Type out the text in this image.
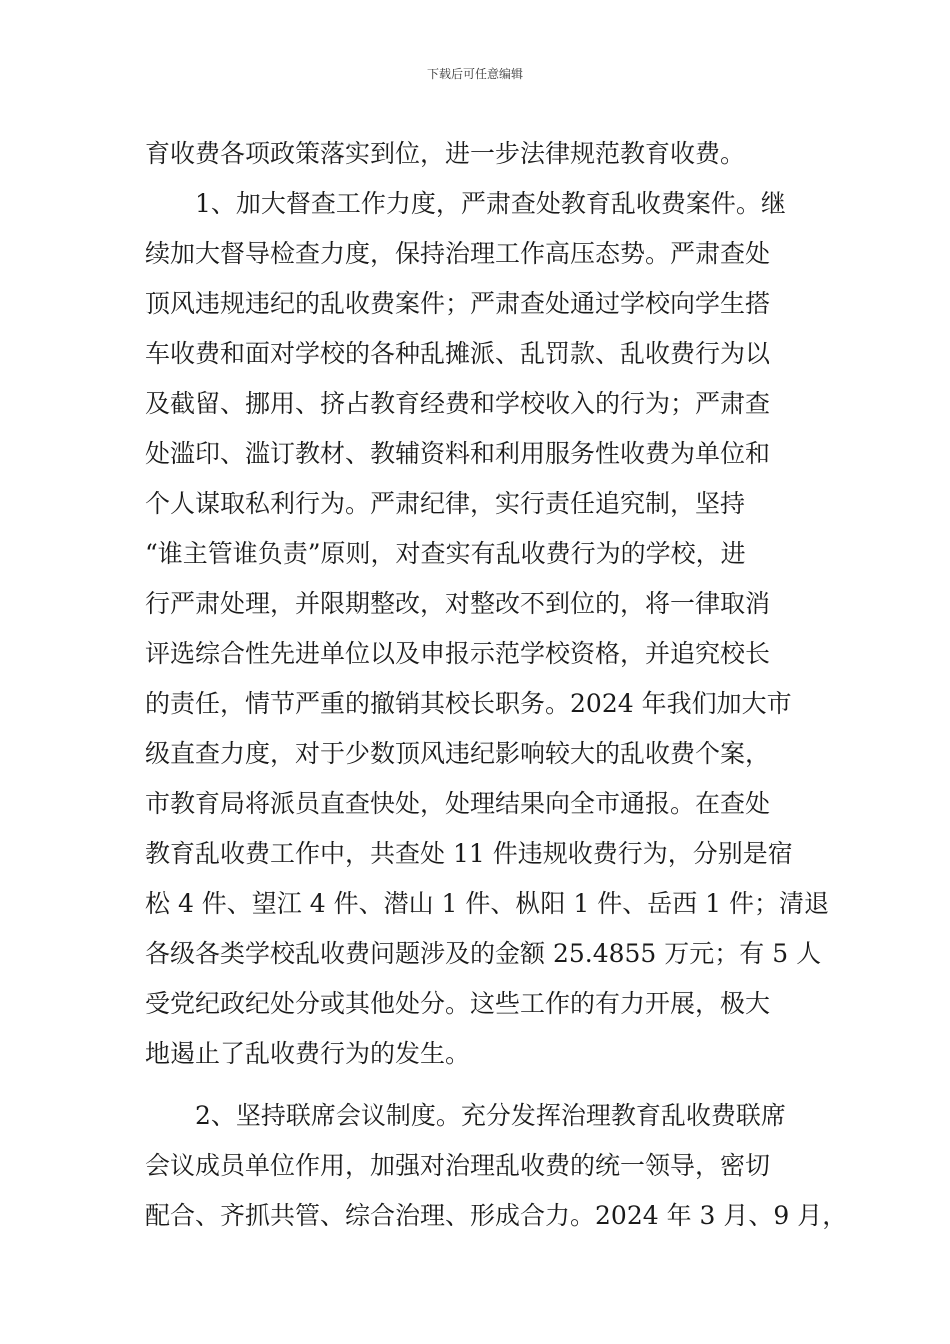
下载后可任意编辑
育收费各项政策落实到位，进一步法律规范教育收费。
1、加大督查工作力度，严肃查处教育乱收费案件。继
续加大督导检查力度，保持治理工作高压态势。严肃查处
顶风违规违纪的乱收费案件；严肃查处通过学校向学生搭
车收费和面对学校的各种乱摊派、乱罚款、乱收费行为以
及截留、挪用、挤占教育经费和学校收入的行为；严肃查
处滥印、滥订教材、教辅资料和利用服务性收费为单位和
个人谋取私利行为。严肃纪律，实行责任追究制，坚持
“谁主管谁负责”原则，对查实有乱收费行为的学校，进
行严肃处理，并限期整改，对整改不到位的，将一律取消
评选综合性先进单位以及申报示范学校资格，并追究校长
的责任，情节严重的撤销其校长职务。2024 年我们加大市
级直查力度，对于少数顶风违纪影响较大的乱收费个案，
市教育局将派员直查快处，处理结果向全市通报。在查处
教育乱收费工作中，共查处 11 件违规收费行为，分别是宿
松 4 件、望江 4 件、潜山 1 件、枞阳 1 件、岳西 1 件；清退
各级各类学校乱收费问题涉及的金额 25.4855 万元；有 5 人
受党纪政纪处分或其他处分。这些工作的有力开展，极大
地遏止了乱收费行为的发生。
2、坚持联席会议制度。充分发挥治理教育乱收费联席
会议成员单位作用，加强对治理乱收费的统一领导，密切
配合、齐抓共管、综合治理、形成合力。2024 年 3 月、9 月，
